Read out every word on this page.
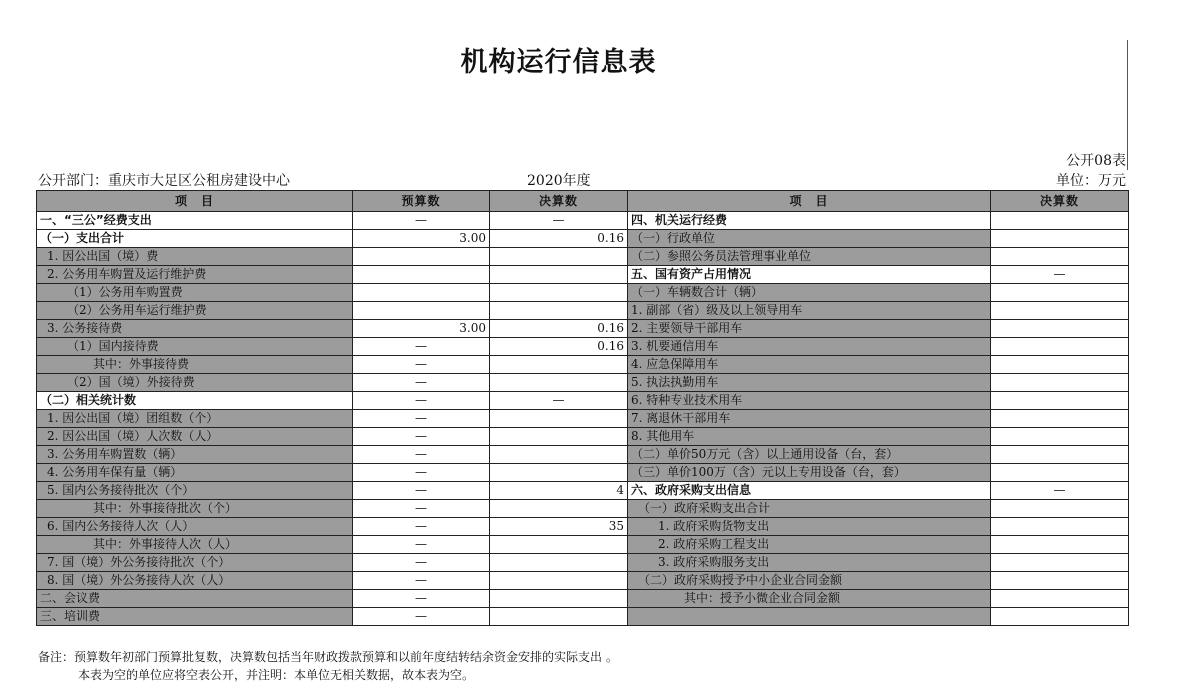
机构运行信息表
公开08表
公开部门：重庆市大足区公租房建设中心	2020年度	单位：万元
项　目	预算数	决算数	项　目	决算数
一、“三公”经费支出	—	—	四、机关运行经费	
（一）支出合计	3.00	0.16	（一）行政单位	
1. 因公出国（境）费			（二）参照公务员法管理事业单位	
2. 公务用车购置及运行维护费			五、国有资产占用情况	—
（1）公务用车购置费			（一）车辆数合计（辆）	
（2）公务用车运行维护费			1. 副部（省）级及以上领导用车	
3. 公务接待费	3.00	0.16	2. 主要领导干部用车	
（1）国内接待费	—	0.16	3. 机要通信用车	
其中：外事接待费	—		4. 应急保障用车	
（2）国（境）外接待费	—		5. 执法执勤用车	
（二）相关统计数	—	—	6. 特种专业技术用车	
1. 因公出国（境）团组数（个）	—		7. 离退休干部用车	
2. 因公出国（境）人次数（人）	—		8. 其他用车	
3. 公务用车购置数（辆）	—		（二）单价50万元（含）以上通用设备（台，套）	
4. 公务用车保有量（辆）	—		（三）单价100万（含）元以上专用设备（台，套）	
5. 国内公务接待批次（个）	—	4	六、政府采购支出信息	—
其中：外事接待批次（个）	—		（一）政府采购支出合计	
6. 国内公务接待人次（人）	—	35	1. 政府采购货物支出	
其中：外事接待人次（人）	—		2. 政府采购工程支出	
7. 国（境）外公务接待批次（个）	—		3. 政府采购服务支出	
8. 国（境）外公务接待人次（人）	—		（二）政府采购授予中小企业合同金额	
二、会议费	—		其中：授予小微企业合同金额	
三、培训费	—			
备注：预算数年初部门预算批复数，决算数包括当年财政拨款预算和以前年度结转结余资金安排的实际支出 。
本表为空的单位应将空表公开，并注明：本单位无相关数据，故本表为空。
